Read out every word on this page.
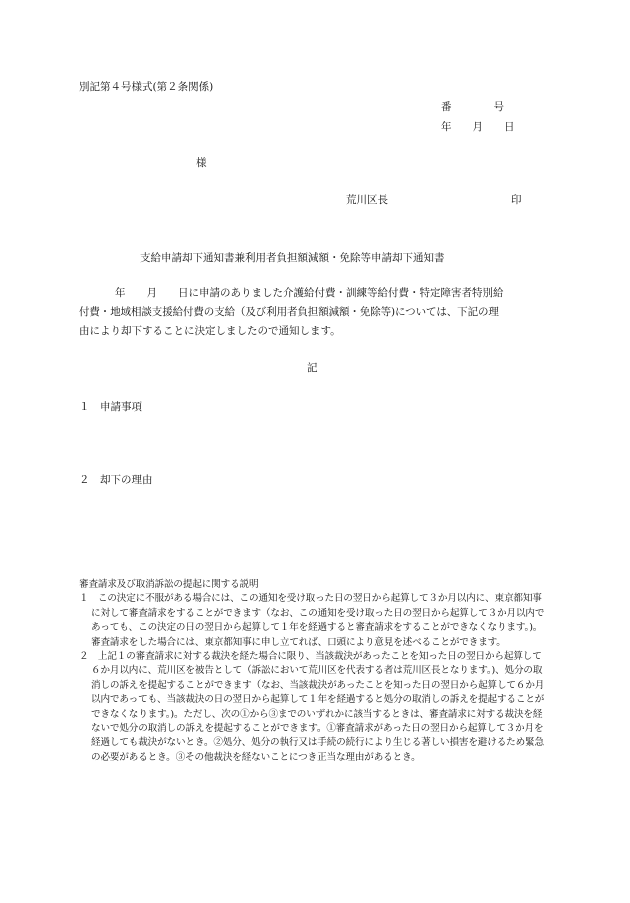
別記第４号様式(第２条関係)
番　　　　号
年　　月　　日
様
荒川区長	印
支給申請却下通知書兼利用者負担額減額・免除等申請却下通知書
年　　月　　日に申請のありました介護給付費・訓練等給付費・特定障害者特別給
付費・地域相談支援給付費の支給（及び利用者負担額減額・免除等)については、下記の理
由により却下することに決定しましたので通知します。
記
１　申請事項
２　却下の理由

審査請求及び取消訴訟の提起に関する説明

１　この決定に不服がある場合には、この通知を受け取った日の翌日から起算して３か月以内に、東京都知事に対して審査請求をすることができます（なお、この通知を受け取った日の翌日から起算して３か月以内であっても、この決定の日の翌日から起算して１年を経過すると審査請求をすることができなくなります。)。審査請求をした場合には、東京都知事に申し立てれば、口頭により意見を述べることができます。

２　上記１の審査請求に対する裁決を経た場合に限り、当該裁決があったことを知った日の翌日から起算して６か月以内に、荒川区を被告として（訴訟において荒川区を代表する者は荒川区長となります。)、処分の取消しの訴えを提起することができます（なお、当該裁決があったことを知った日の翌日から起算して６か月以内であっても、当該裁決の日の翌日から起算して１年を経過すると処分の取消しの訴えを提起することができなくなります。)。ただし、次の①から③までのいずれかに該当するときは、審査請求に対する裁決を経ないで処分の取消しの訴えを提起することができます。①審査請求があった日の翌日から起算して３か月を経過しても裁決がないとき。②処分、処分の執行又は手続の続行により生じる著しい損害を避けるため緊急の必要があるとき。③その他裁決を経ないことにつき正当な理由があるとき。
